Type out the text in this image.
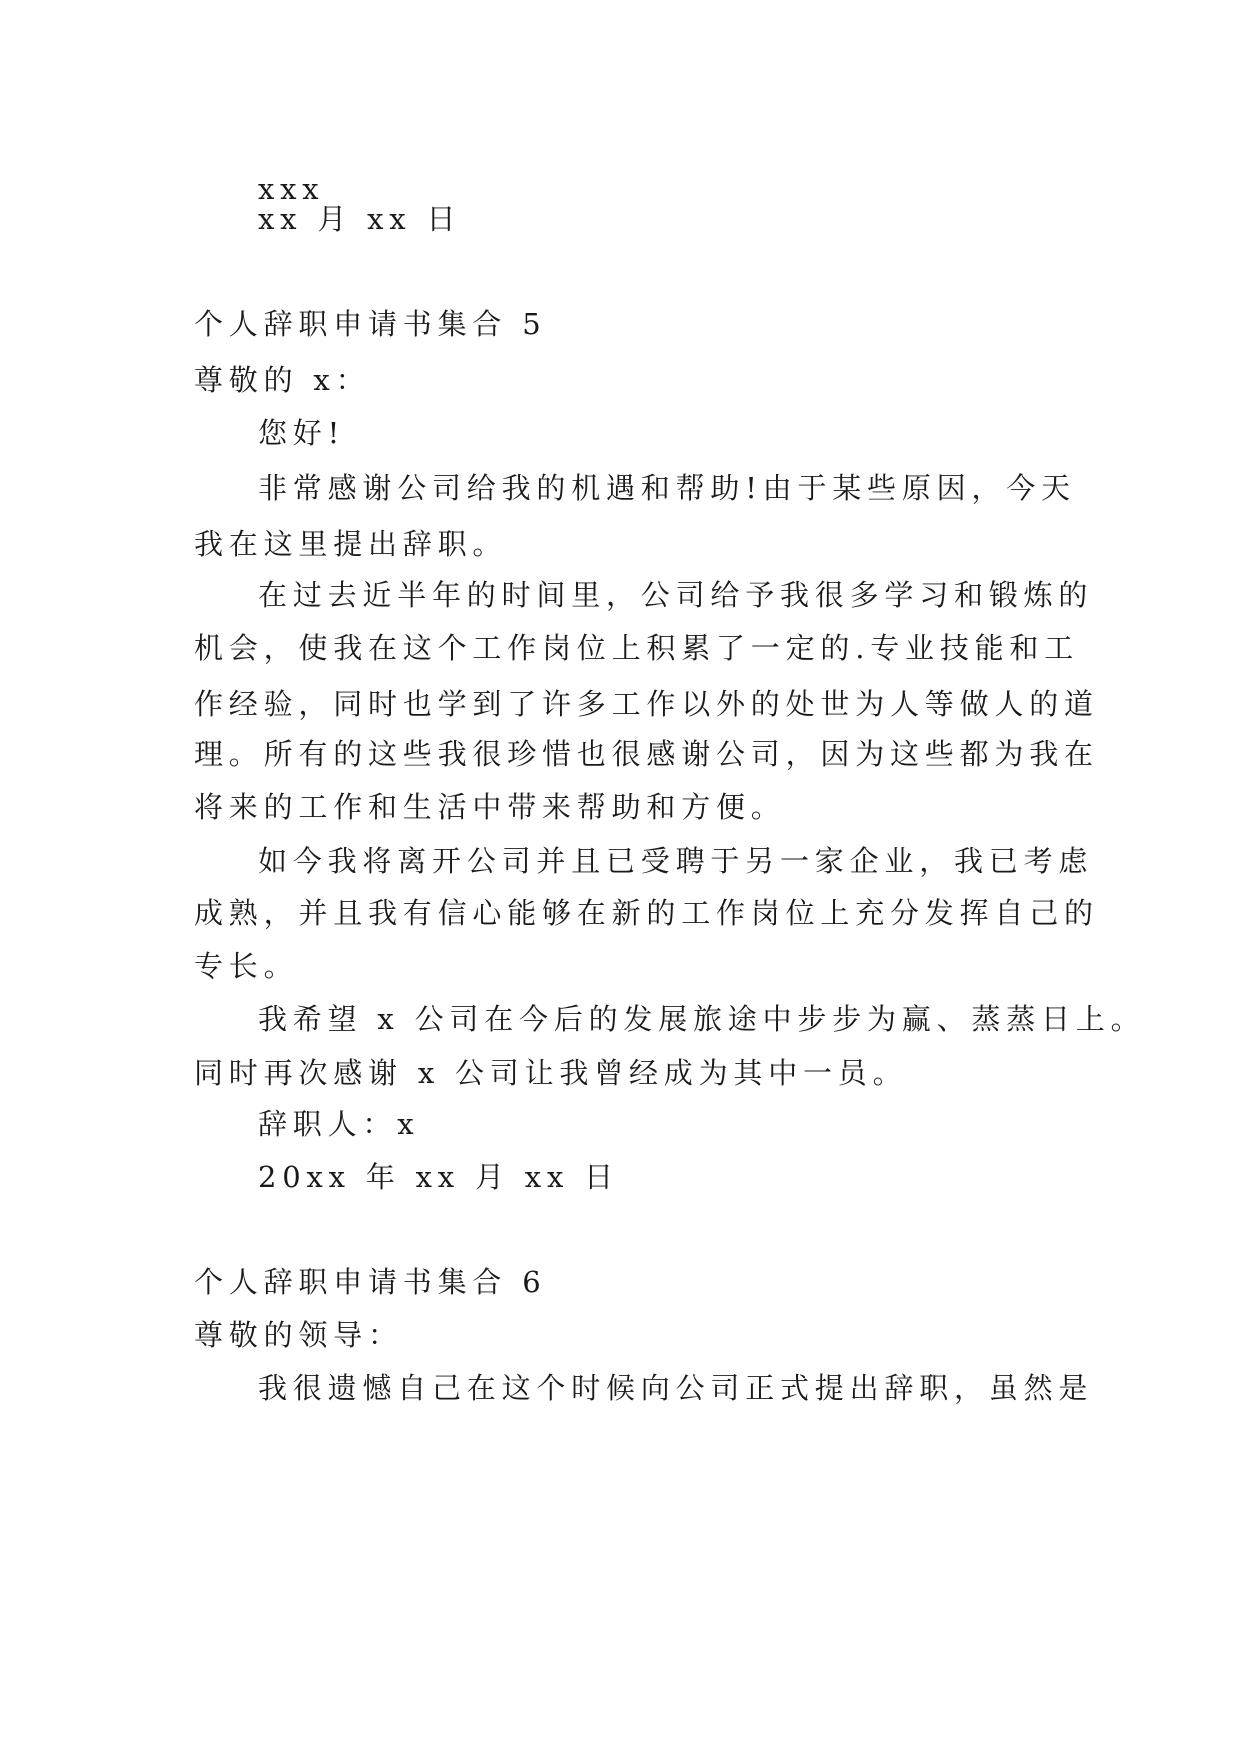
xxx
xx 月 xx 日
个人辞职申请书集合 5
尊敬的 x：
您好!
非常感谢公司给我的机遇和帮助!由于某些原因，今天
我在这里提出辞职。
在过去近半年的时间里，公司给予我很多学习和锻炼的
机会，使我在这个工作岗位上积累了一定的.专业技能和工
作经验，同时也学到了许多工作以外的处世为人等做人的道
理。所有的这些我很珍惜也很感谢公司，因为这些都为我在
将来的工作和生活中带来帮助和方便。
如今我将离开公司并且已受聘于另一家企业，我已考虑
成熟，并且我有信心能够在新的工作岗位上充分发挥自己的
专长。
我希望 x 公司在今后的发展旅途中步步为赢、蒸蒸日上。
同时再次感谢 x 公司让我曾经成为其中一员。
辞职人：x
20xx 年 xx 月 xx 日
个人辞职申请书集合 6
尊敬的领导：
我很遗憾自己在这个时候向公司正式提出辞职，虽然是
